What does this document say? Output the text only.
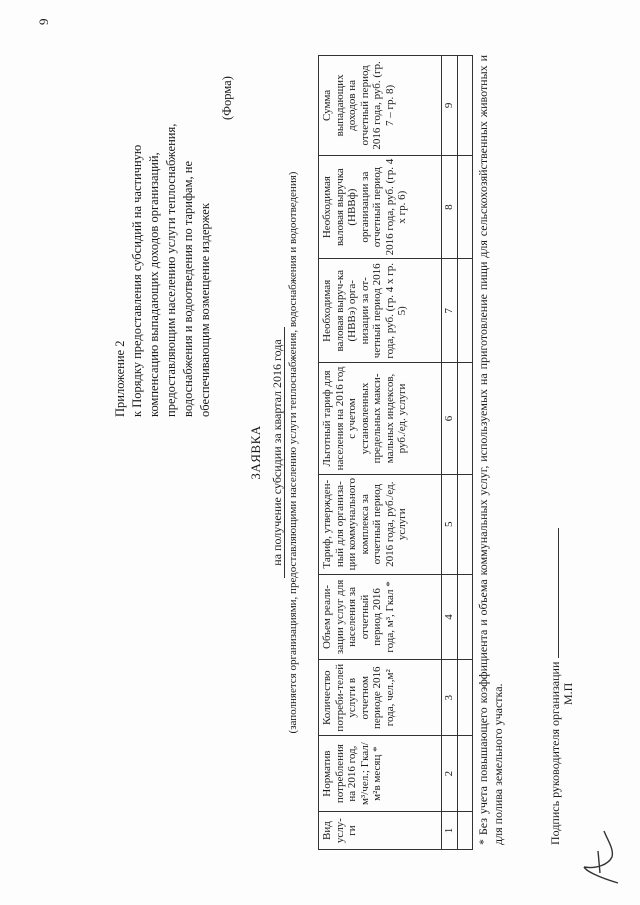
9
Приложение 2 к Порядку предоставления субсидий на частичную компенсацию выпадающих доходов организаций, предоставляющим населению услуги теплоснабжения, водоснабжения и водоотведения по тарифам, не обеспечивающим возмещение издержек
(Форма)
ЗАЯВКА на получение субсидии за квартал 2016 года (заполняется организациями, предоставляющими населению услуги теплоснабжения, водоснабжения и водоотведения)
Вид услу-ги	Норматив потребления на 2016 год, м³/чел.; Гкал/м²в месяц *	Количество потреби-телей услуги в отчетном периоде 2016 года, чел.,м²	Объем реали-зации услуг для населения за отчетный период 2016 года, м³, Гкал *	Тариф, утвержден-ный для организа-ции коммунального комплекса за отчетный период 2016 года, руб./ед. услуги	Льготный тариф для населения на 2016 год с учетом установленных предельных макси-мальных индексов, руб./ед. услуги	Необходимая валовая выруч-ка (НВВэ) орга-низации за от-четный период 2016 года, руб. (гр. 4 х гр. 5)	Необходимая валовая выручка (НВВф) организации за отчетный период 2016 года, руб. (гр. 4 х гр. 6)	Сумма выпадающих доходов на отчетный период 2016 года, руб. (гр. 7 – гр. 8)
1	2	3	4	5	6	7	8	9
								* Без учета повышающего коэффициента и объема коммунальных услуг, используемых на приготовление пищи для сельскохозяйственных животных и для полива земельного участка.	Подпись руководителя организации М.П
